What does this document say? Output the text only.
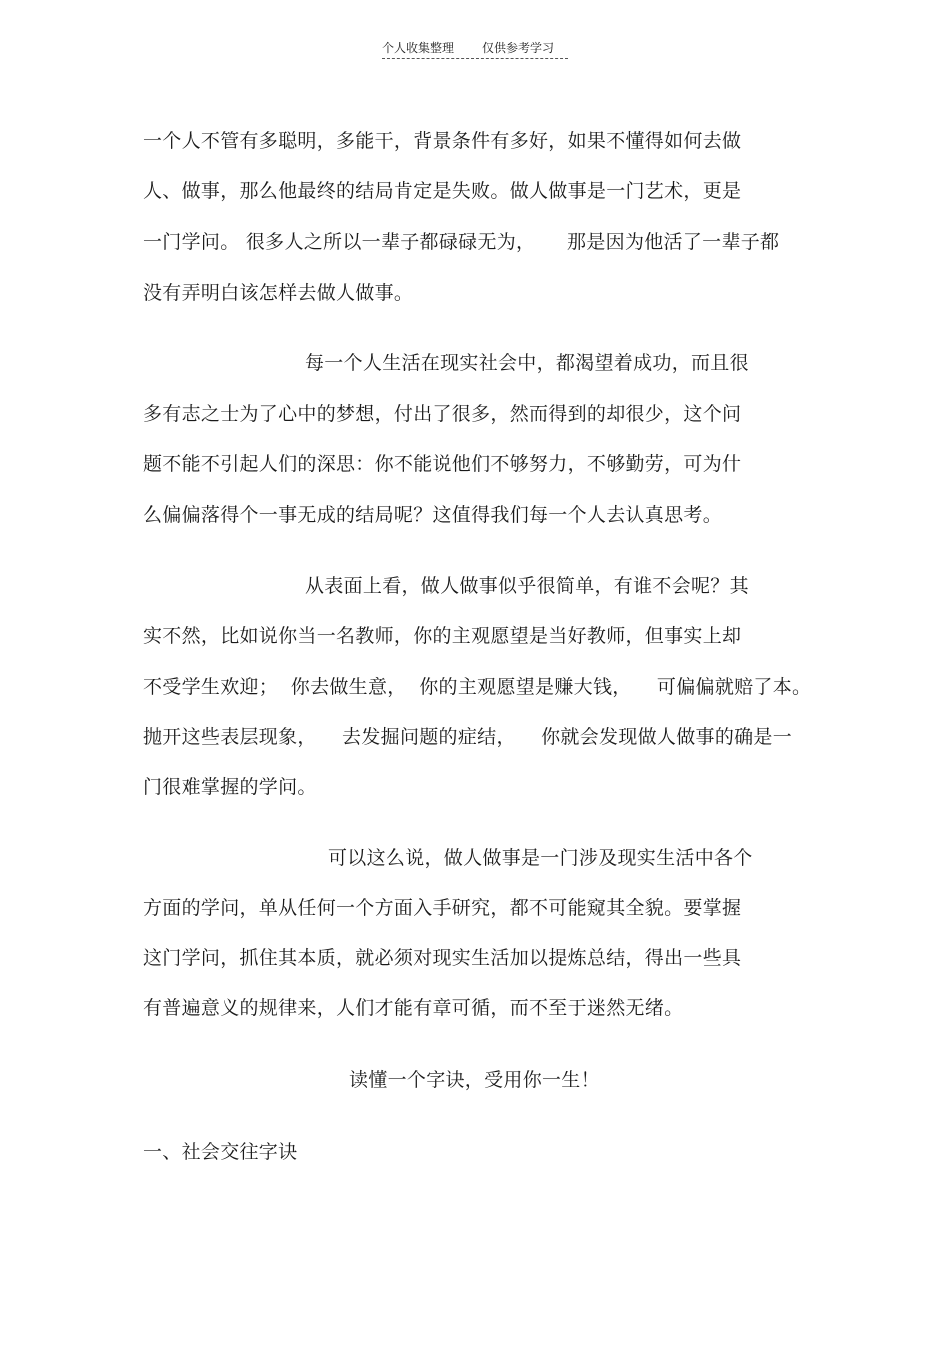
个人收集整理 仅供参考学习
一个人不管有多聪明，多能干，背景条件有多好，如果不懂得如何去做
人、做事，那么他最终的结局肯定是失败。做人做事是一门艺术，更是
一门学问。 很多人之所以一辈子都碌碌无为，     那是因为他活了一辈子都
没有弄明白该怎样去做人做事。
每一个人生活在现实社会中，都渴望着成功，而且很
多有志之士为了心中的梦想，付出了很多，然而得到的却很少，这个问
题不能不引起人们的深思：你不能说他们不够努力，不够勤劳，可为什
么偏偏落得个一事无成的结局呢？这值得我们每一个人去认真思考。
从表面上看，做人做事似乎很简单，有谁不会呢？其
实不然，比如说你当一名教师，你的主观愿望是当好教师，但事实上却
不受学生欢迎；  你去做生意，  你的主观愿望是赚大钱，    可偏偏就赔了本。
抛开这些表层现象，    去发掘问题的症结，    你就会发现做人做事的确是一
门很难掌握的学问。
可以这么说，做人做事是一门涉及现实生活中各个
方面的学问，单从任何一个方面入手研究，都不可能窥其全貌。要掌握
这门学问，抓住其本质，就必须对现实生活加以提炼总结，得出一些具
有普遍意义的规律来，人们才能有章可循，而不至于迷然无绪。
读懂一个字诀，受用你一生！
一、社会交往字诀
